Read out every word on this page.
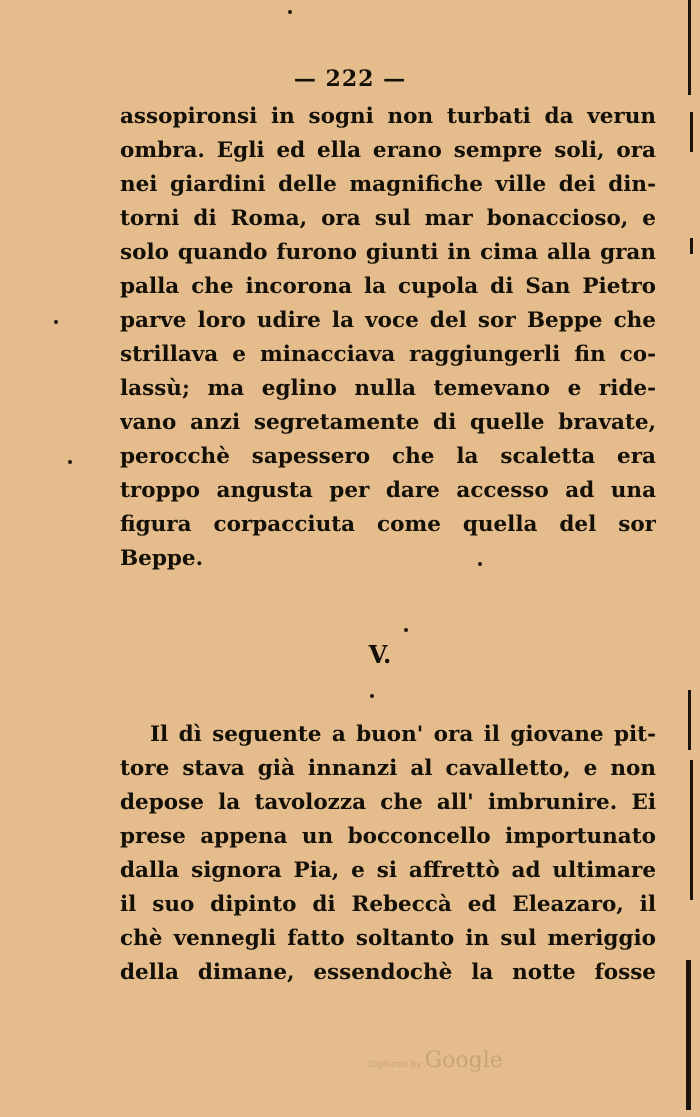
— 222 —
assopironsi in sogni non turbati da verun
ombra. Egli ed ella erano sempre soli, ora
nei giardini delle magnifiche ville dei din-
torni di Roma, ora sul mar bonaccioso, e
solo quando furono giunti in cima alla gran
palla che incorona la cupola di San Pietro
parve loro udire la voce del sor Beppe che
strillava e minacciava raggiungerli fin co-
lassù; ma eglino nulla temevano e ride-
vano anzi segretamente di quelle bravate,
perocchè sapessero che la scaletta era
troppo angusta per dare accesso ad una
figura corpacciuta come quella del sor
Beppe.
V.
Il dì seguente a buon' ora il giovane pit-
tore stava già innanzi al cavalletto, e non
depose la tavolozza che all' imbrunire. Ei
prese appena un bocconcello importunato
dalla signora Pia, e si affrettò ad ultimare
il suo dipinto di Rebeccà ed Eleazaro, il
chè vennegli fatto soltanto in sul meriggio
della dimane, essendochè la notte fosse
Digitized by Google
